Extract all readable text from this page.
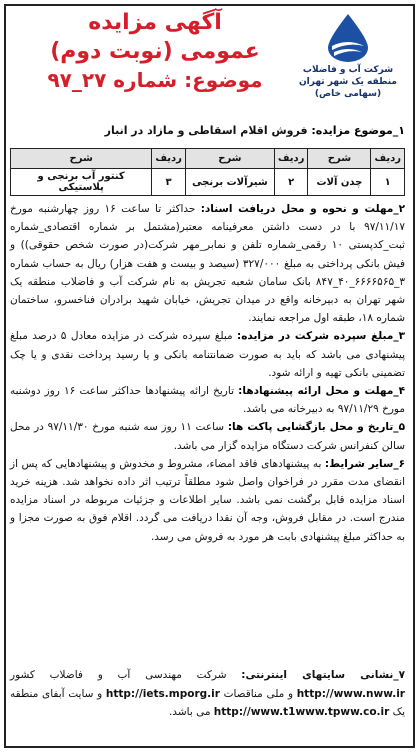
شرکت آب و فاضلاب
منطقه یک شهر تهران
(سهامی خاص)
آگهی مزایده
عمومی (نوبت دوم)
موضوع: شماره ۲۷_۹۷
۱_موضوع مزایده: فروش اقلام اسقاطی و مازاد در انبار
ردیف	شرح	ردیف	شرح	ردیف	شرح
۱	چدن آلات	۲	شیرآلات برنجی	۳	کنتور آب برنجی و پلاستیکی

۲_مهلت و نحوه و محل دریافت اسناد: حداکثر تا ساعت ۱۶ روز چهارشنبه مورخ ۹۷/۱۱/۱۷ با در دست داشتن معرفینامه معتبر(مشتمل بر شماره اقتصادی_شماره ثبت_کدپستی ۱۰ رقمی_شماره تلفن و نمابر_مهر شرکت(در صورت شخص حقوقی)) و فیش بانکی پرداختی به مبلغ ۳۲۷/۰۰۰ (سیصد و بیست و هفت هزار) ریال به حساب شماره ۳_۶۶۶۶۵۶۵_۴۰_۸۴۷ بانک سامان شعبه تجریش به نام شرکت آب و فاضلاب منطقه یک شهر تهران به دبیرخانه واقع در میدان تجریش، خیابان شهید برادران فناخسرو، ساختمان شماره ۱۸، طبقه اول مراجعه نمایند.

۳_مبلغ سپرده شرکت در مزایده: مبلغ سپرده شرکت در مزایده معادل ۵ درصد مبلغ پیشنهادی می باشد که باید به صورت ضمانتنامه بانکی و یا رسید پرداخت نقدی و یا چک تضمینی بانکی تهیه و ارائه شود.

۴_مهلت و محل ارائه پیشنهادها: تاریخ ارائه پیشنهادها حداکثر ساعت ۱۶ روز دوشنبه مورخ ۹۷/۱۱/۲۹ به دبیرخانه می باشد.

۵_تاریخ و محل بازگشایی پاکت ها: ساعت ۱۱ روز سه شنبه مورخ ۹۷/۱۱/۳۰ در محل سالن کنفرانس شرکت دستگاه مزایده گزار می باشد.

۶_سایر شرایط: به پیشنهادهای فاقد امضاء، مشروط و مخدوش و پیشنهادهایی که پس از انقضای مدت مقرر در فراخوان واصل شود مطلقاً ترتیب اثر داده نخواهد شد. هزینه خرید اسناد مزایده قابل برگشت نمی باشد. سایر اطلاعات و جزئیات مربوطه در اسناد مزایده مندرج است. در مقابل فروش، وجه آن نقدا دریافت می گردد. اقلام فوق به صورت مجزا و به حداکثر مبلغ پیشنهادی بابت هر مورد به فروش می رسد.

۷_نشانی سایتهای اینترنتی: شرکت مهندسی آب و فاضلاب کشور http://www.nww.ir و ملی مناقصات http://iets.mporg.ir و سایت آبفای منطقه یک http://www.t1www.tpww.co.ir می باشد.
